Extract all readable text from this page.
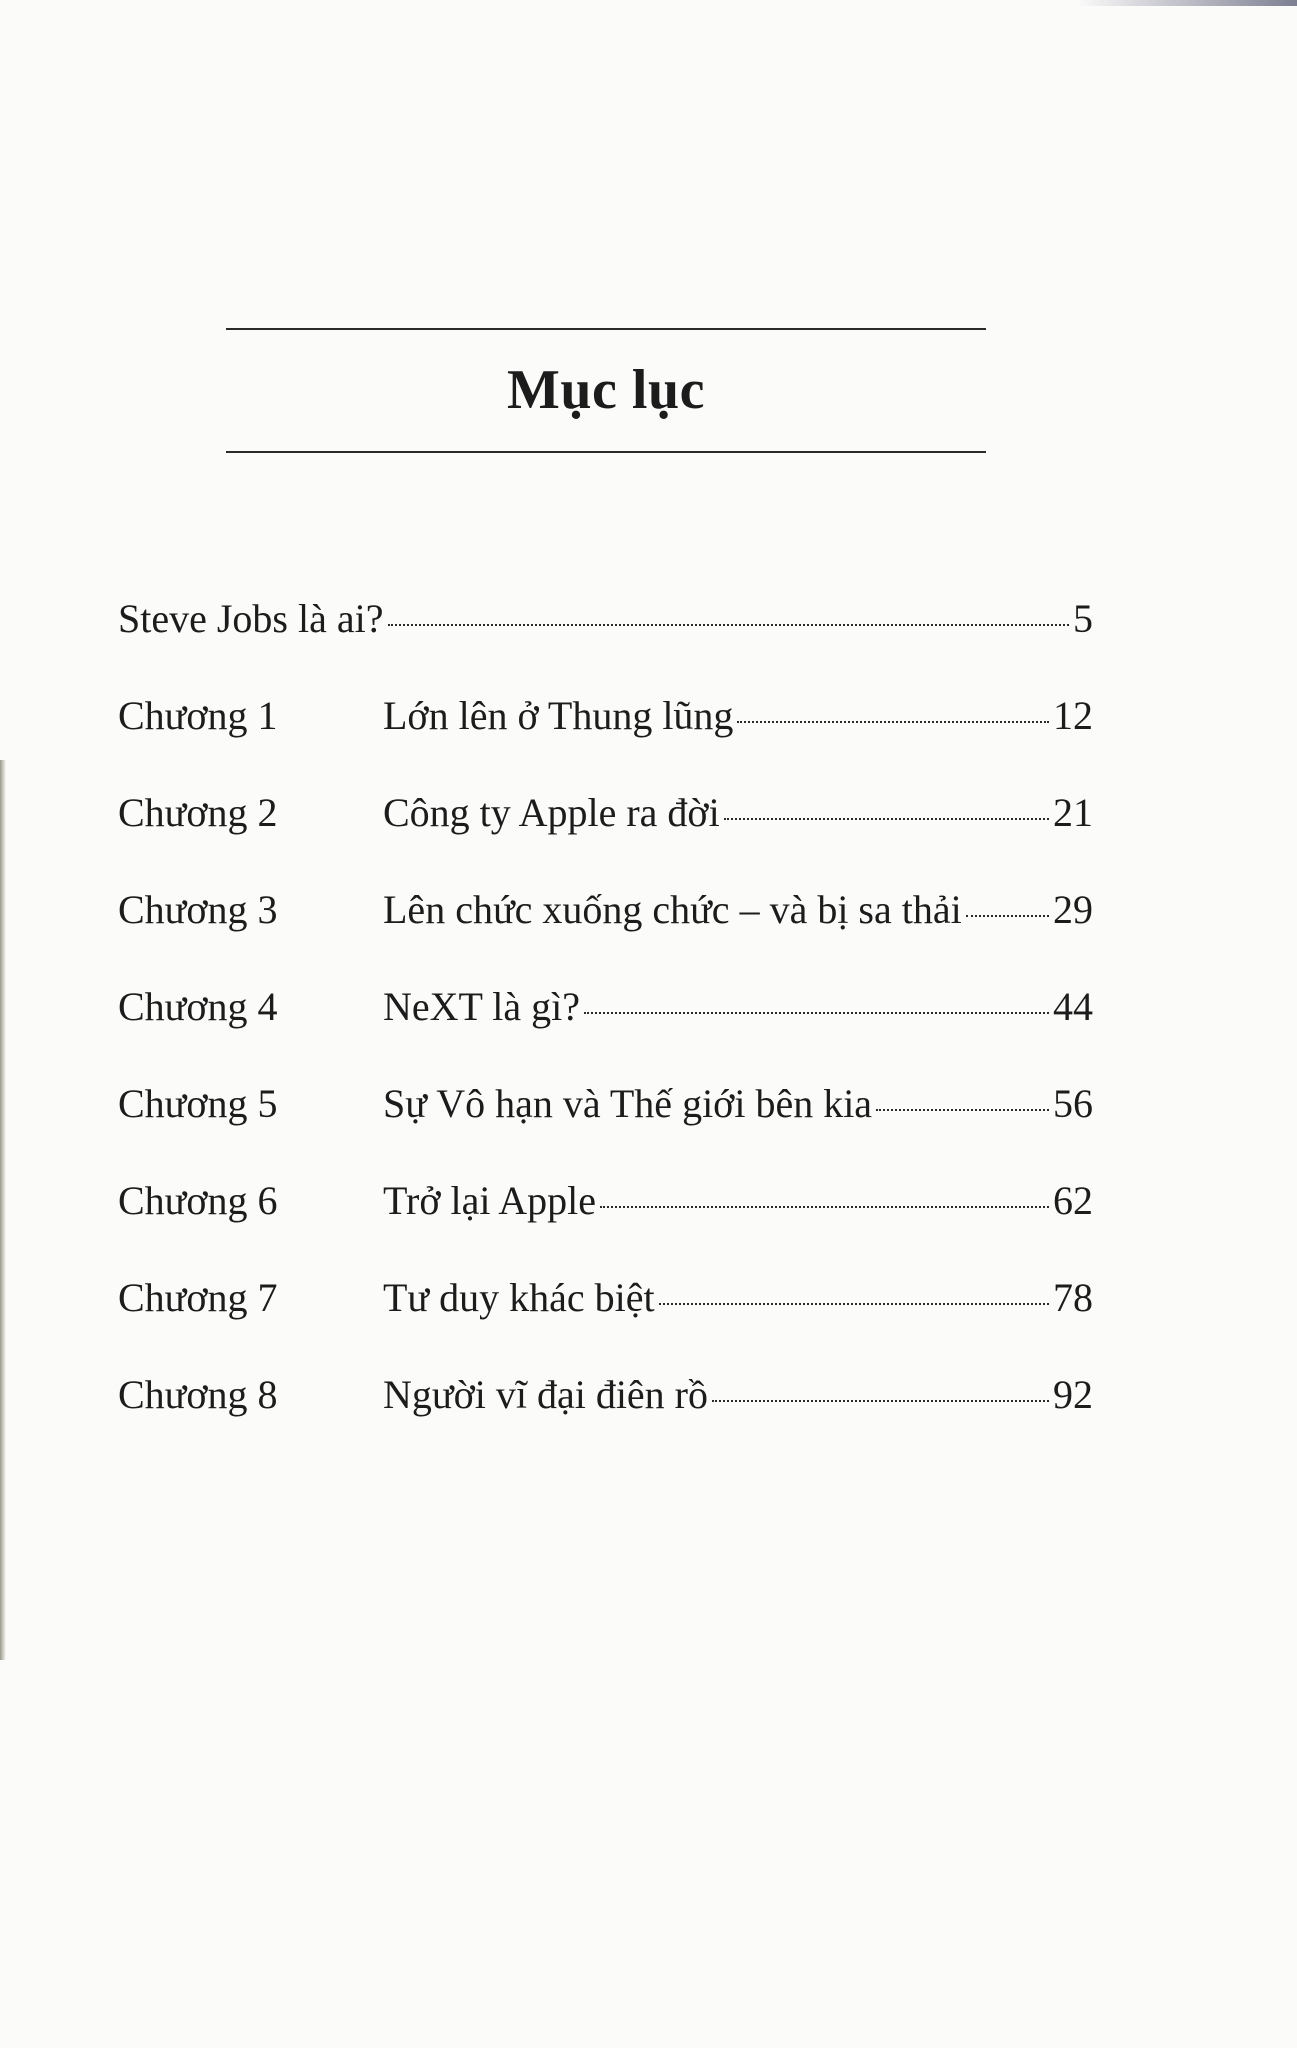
Mục lục
Steve Jobs là ai?	5
Chương 1	Lớn lên ở Thung lũng	12
Chương 2	Công ty Apple ra đời	21
Chương 3	Lên chức xuống chức – và bị sa thải 29
Chương 4	NeXT là gì?	44
Chương 5	Sự Vô hạn và Thế giới bên kia	56
Chương 6	Trở lại Apple	62
Chương 7	Tư duy khác biệt	78
Chương 8	Người vĩ đại điên rồ	92
